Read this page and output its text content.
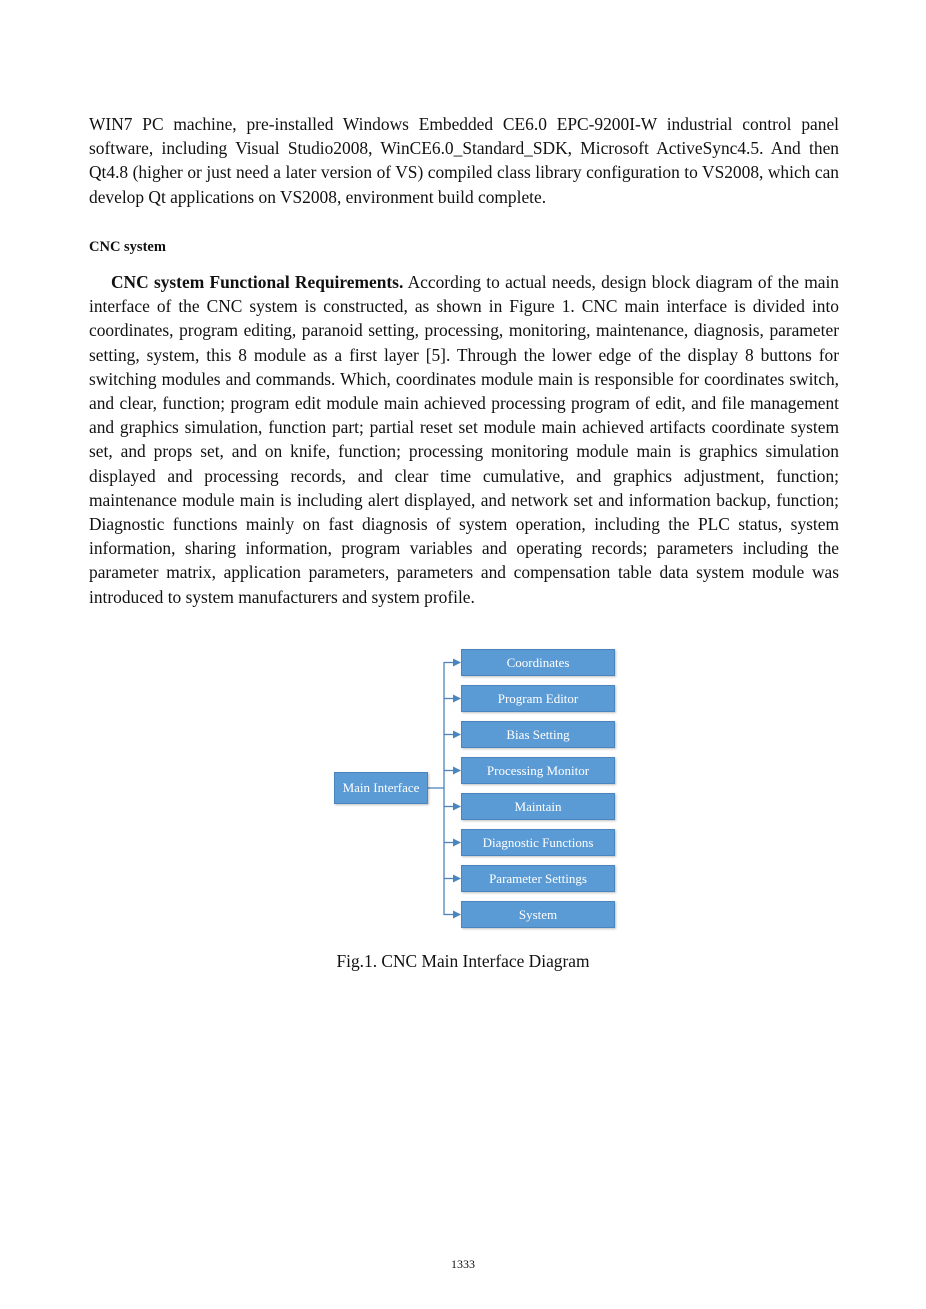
WIN7 PC machine, pre-installed Windows Embedded CE6.0 EPC-9200I-W industrial control panel software, including Visual Studio2008, WinCE6.0_Standard_SDK, Microsoft ActiveSync4.5. And then Qt4.8 (higher or just need a later version of VS) compiled class library configuration to VS2008, which can develop Qt applications on VS2008, environment build complete.
CNC system
CNC system Functional Requirements. According to actual needs, design block diagram of the main interface of the CNC system is constructed, as shown in Figure 1. CNC main interface is divided into coordinates, program editing, paranoid setting, processing, monitoring, maintenance, diagnosis, parameter setting, system, this 8 module as a first layer [5]. Through the lower edge of the display 8 buttons for switching modules and commands. Which, coordinates module main is responsible for coordinates switch, and clear, function; program edit module main achieved processing program of edit, and file management and graphics simulation, function part; partial reset set module main achieved artifacts coordinate system set, and props set, and on knife, function; processing monitoring module main is graphics simulation displayed and processing records, and clear time cumulative, and graphics adjustment, function; maintenance module main is including alert displayed, and network set and information backup, function; Diagnostic functions mainly on fast diagnosis of system operation, including the PLC status, system information, sharing information, program variables and operating records; parameters including the parameter matrix, application parameters, parameters and compensation table data system module was introduced to system manufacturers and system profile.
Main Interface
Coordinates
Program Editor
Bias Setting
Processing Monitor
Maintain
Diagnostic Functions
Parameter Settings
System
Fig.1. CNC Main Interface Diagram
1333
